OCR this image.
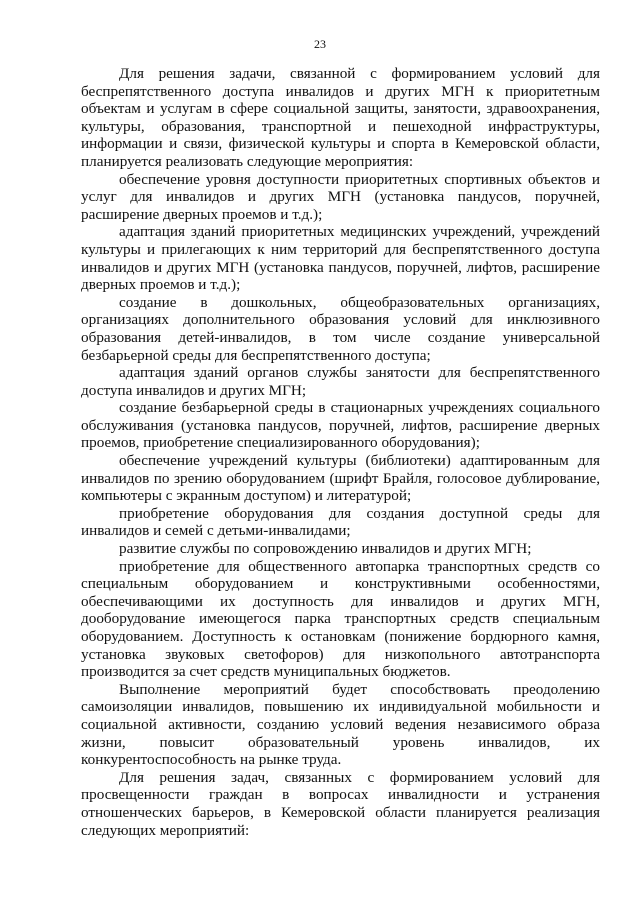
23

Для решения задачи, связанной с формированием условий для беспрепятственного доступа инвалидов и других МГН к приоритетным объектам и услугам в сфере социальной защиты, занятости, здравоохранения, культуры, образования, транспортной и пешеходной инфраструктуры, информации и связи, физической культуры и спорта в Кемеровской области, планируется реализовать следующие мероприятия:

обеспечение уровня доступности приоритетных спортивных объектов и услуг для инвалидов и других МГН (установка пандусов, поручней, расширение дверных проемов и т.д.);

адаптация зданий приоритетных медицинских учреждений, учреждений культуры и прилегающих к ним территорий для беспрепятственного доступа инвалидов и других МГН (установка пандусов, поручней, лифтов, расширение дверных проемов и т.д.);

создание в дошкольных, общеобразовательных организациях, организациях дополнительного образования условий для инклюзивного образования детей-инвалидов, в том числе создание универсальной безбарьерной среды для беспрепятственного доступа;

адаптация зданий органов службы занятости для беспрепятственного доступа инвалидов и других МГН;

создание безбарьерной среды в стационарных учреждениях социального обслуживания (установка пандусов, поручней, лифтов, расширение дверных проемов, приобретение специализированного оборудования);

обеспечение учреждений культуры (библиотеки) адаптированным для инвалидов по зрению оборудованием (шрифт Брайля, голосовое дублирование, компьютеры с экранным доступом) и литературой;

приобретение оборудования для создания доступной среды для инвалидов и семей с детьми-инвалидами;

развитие службы по сопровождению инвалидов и других МГН;

приобретение для общественного автопарка транспортных средств со специальным оборудованием и конструктивными особенностями, обеспечивающими их доступность для инвалидов и других МГН, дооборудование имеющегося парка транспортных средств специальным оборудованием. Доступность к остановкам (понижение бордюрного камня, установка звуковых светофоров) для низкопольного автотранспорта производится за счет средств муниципальных бюджетов.

Выполнение мероприятий будет способствовать преодолению самоизоляции инвалидов, повышению их индивидуальной мобильности и социальной активности, созданию условий ведения независимого образа жизни, повысит образовательный уровень инвалидов, их конкурентоспособность на рынке труда.

Для решения задач, связанных с формированием условий для просвещенности граждан в вопросах инвалидности и устранения отношенческих барьеров, в Кемеровской области планируется реализация следующих мероприятий:
